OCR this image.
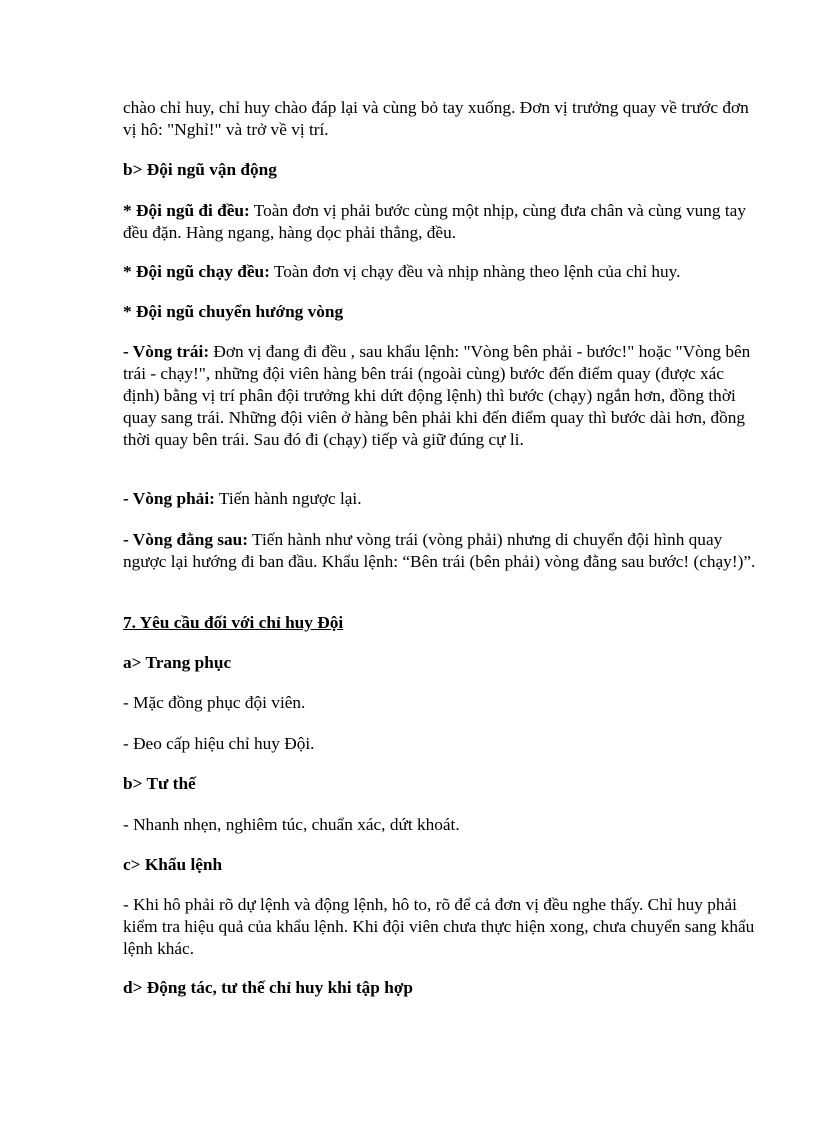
chào chỉ huy, chỉ huy chào đáp lại và cùng bỏ tay xuống. Đơn vị trưởng quay về trước đơn vị hô: "Nghỉ!" và trở về vị trí.

b> Đội ngũ vận động

* Đội ngũ đi đều: Toàn đơn vị phải bước cùng một nhịp, cùng đưa chân và cùng vung tay đều đặn. Hàng ngang, hàng dọc phải thẳng, đều.

* Đội ngũ chạy đều: Toàn đơn vị chạy đều và nhịp nhàng theo lệnh của chỉ huy.

* Đội ngũ chuyển hướng vòng

- Vòng trái: Đơn vị đang đi đều , sau khẩu lệnh: "Vòng bên phải - bước!" hoặc "Vòng bên trái - chạy!", những đội viên hàng bên trái (ngoài cùng) bước đến điểm quay (được xác định) bằng vị trí phân đội trưởng khi dứt động lệnh) thì bước (chạy) ngắn hơn, đồng thời quay sang trái. Những đội viên ở hàng bên phải khi đến điểm quay thì bước dài hơn, đồng thời quay bên trái. Sau đó đi (chạy) tiếp và giữ đúng cự li.

- Vòng phải: Tiến hành ngược lại.

- Vòng đằng sau: Tiến hành như vòng trái (vòng phải) nhưng di chuyển đội hình quay ngược lại hướng đi ban đầu. Khẩu lệnh: “Bên trái (bên phải) vòng đằng sau bước! (chạy!)”.

7. Yêu cầu đối với chỉ huy Đội

a> Trang phục

- Mặc đồng phục đội viên.

- Đeo cấp hiệu chỉ huy Đội.

b> Tư thế

- Nhanh nhẹn, nghiêm túc, chuẩn xác, dứt khoát.

c> Khẩu lệnh

- Khi hô phải rõ dự lệnh và động lệnh, hô to, rõ để cả đơn vị đều nghe thấy. Chỉ huy phải kiểm tra hiệu quả của khẩu lệnh. Khi đội viên chưa thực hiện xong, chưa chuyển sang khẩu lệnh khác.

d> Động tác, tư thế chỉ huy khi tập hợp
